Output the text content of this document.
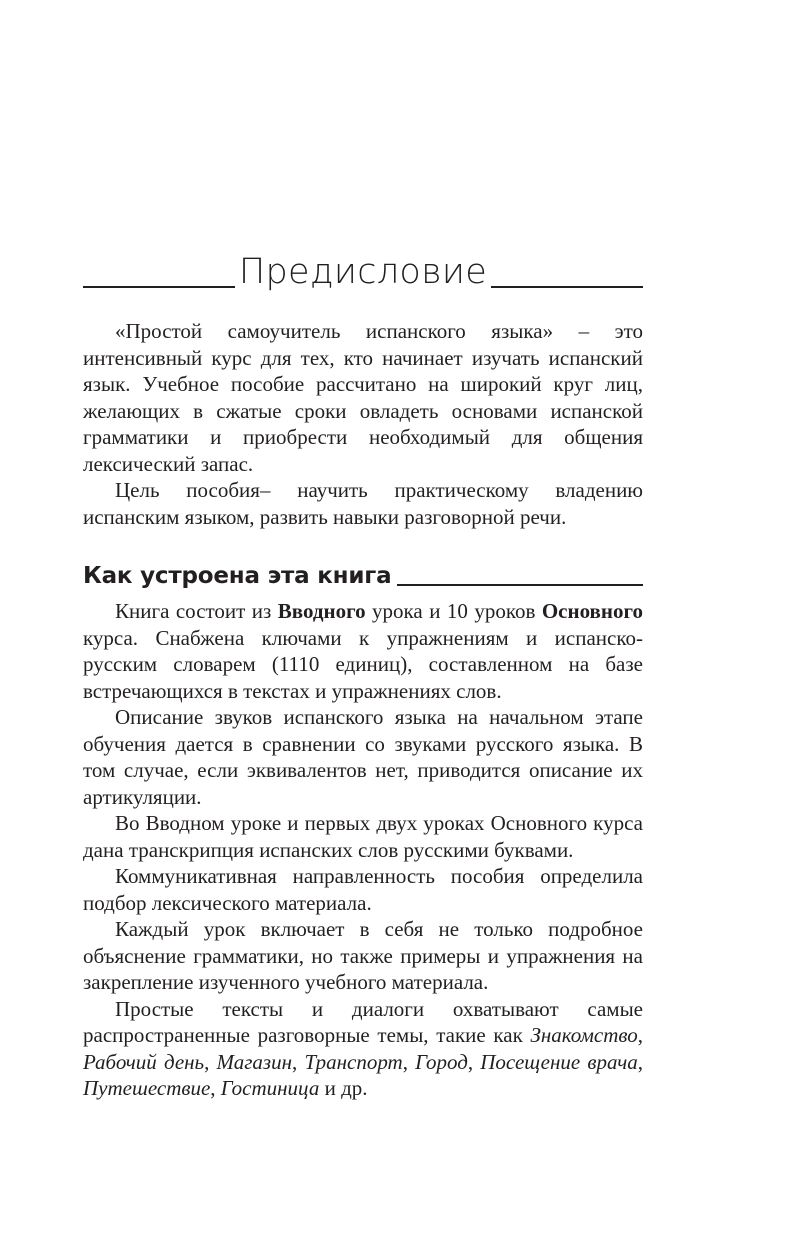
Предисловие

«Простой самоучитель испанского языка» – это интенсивный курс для тех, кто начинает изучать испанский язык. Учебное пособие рассчитано на широкий круг лиц, желающих в сжатые сроки овладеть основами испанской грамматики и приобрести необходимый для общения лексический запас.

Цель пособия– научить практическому владению испанским языком, развить навыки разговорной речи.

Как устроена эта книга

Книга состоит из Вводного урока и 10 уроков Основного курса. Снабжена ключами к упражнениям и испанско-русским словарем (1110 единиц), составленном на базе встречающихся в текстах и упражнениях слов.

Описание звуков испанского языка на начальном этапе обучения дается в сравнении со звуками русского языка. В том случае, если эквивалентов нет, приводится описание их артикуляции.

Во Вводном уроке и первых двух уроках Основного курса дана транскрипция испанских слов русскими буквами.

Коммуникативная направленность пособия определила подбор лексического материала.

Каждый урок включает в себя не только подробное объяснение грамматики, но также примеры и упражнения на закрепление изученного учебного материала.

Простые тексты и диалоги охватывают самые распространенные разговорные темы, такие как Знакомство, Рабочий день, Магазин, Транспорт, Город, Посещение врача, Путешествие, Гостиница и др.
